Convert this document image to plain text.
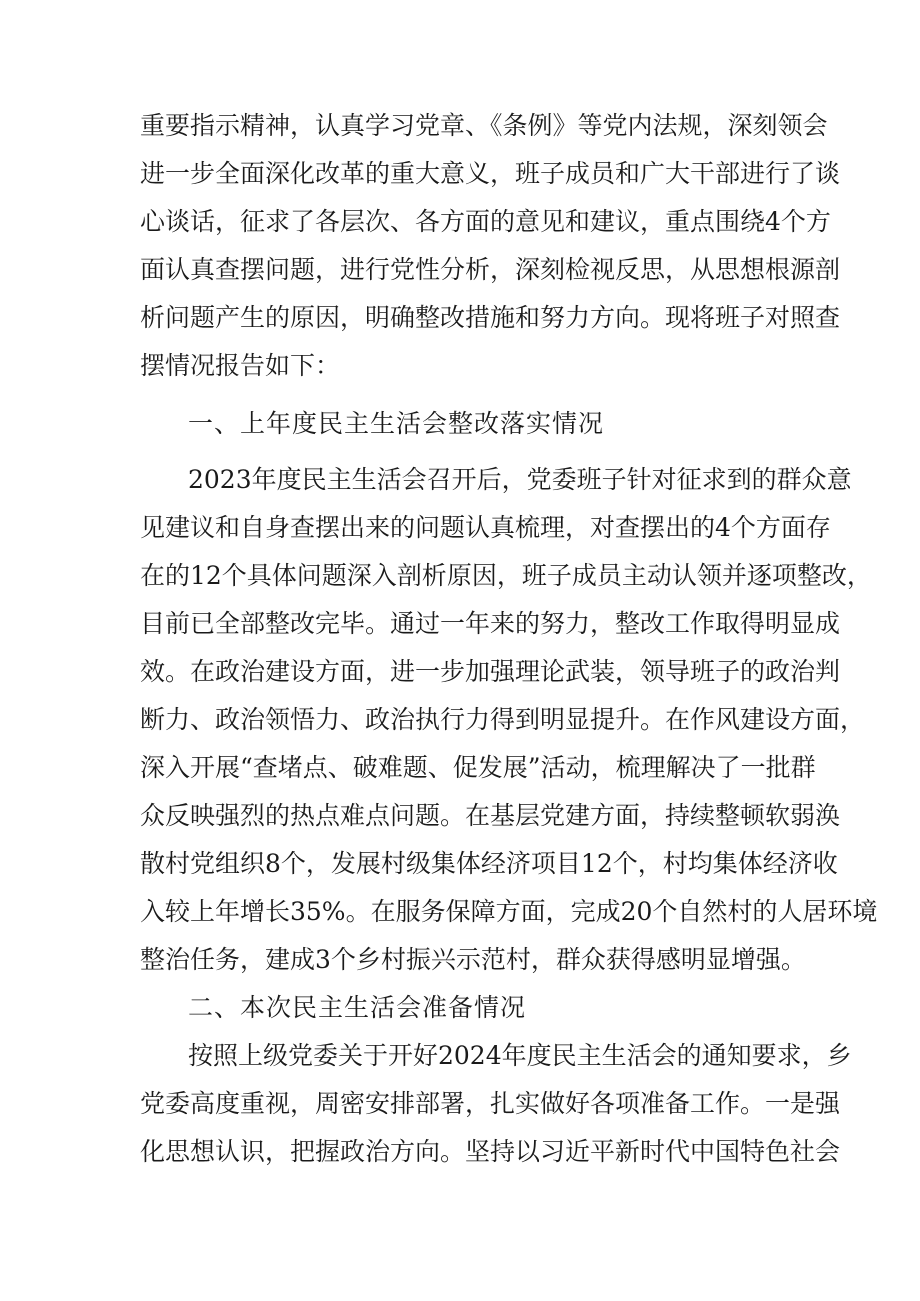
重要指示精神，认真学习党章、《条例》等党内法规，深刻领会
进一步全面深化改革的重大意义，班子成员和广大干部进行了谈
心谈话，征求了各层次、各方面的意见和建议，重点围绕4个方
面认真查摆问题，进行党性分析，深刻检视反思，从思想根源剖
析问题产生的原因，明确整改措施和努力方向。现将班子对照查
摆情况报告如下：
一、上年度民主生活会整改落实情况
2023年度民主生活会召开后，党委班子针对征求到的群众意
见建议和自身查摆出来的问题认真梳理，对查摆出的4个方面存
在的12个具体问题深入剖析原因，班子成员主动认领并逐项整改，
目前已全部整改完毕。通过一年来的努力，整改工作取得明显成
效。在政治建设方面，进一步加强理论武装，领导班子的政治判
断力、政治领悟力、政治执行力得到明显提升。在作风建设方面，
深入开展“查堵点、破难题、促发展”活动，梳理解决了一批群
众反映强烈的热点难点问题。在基层党建方面，持续整顿软弱涣
散村党组织8个，发展村级集体经济项目12个，村均集体经济收
入较上年增长35%。在服务保障方面，完成20个自然村的人居环境
整治任务，建成3个乡村振兴示范村，群众获得感明显增强。
二、本次民主生活会准备情况
按照上级党委关于开好2024年度民主生活会的通知要求，乡
党委高度重视，周密安排部署，扎实做好各项准备工作。一是强
化思想认识，把握政治方向。坚持以习近平新时代中国特色社会
